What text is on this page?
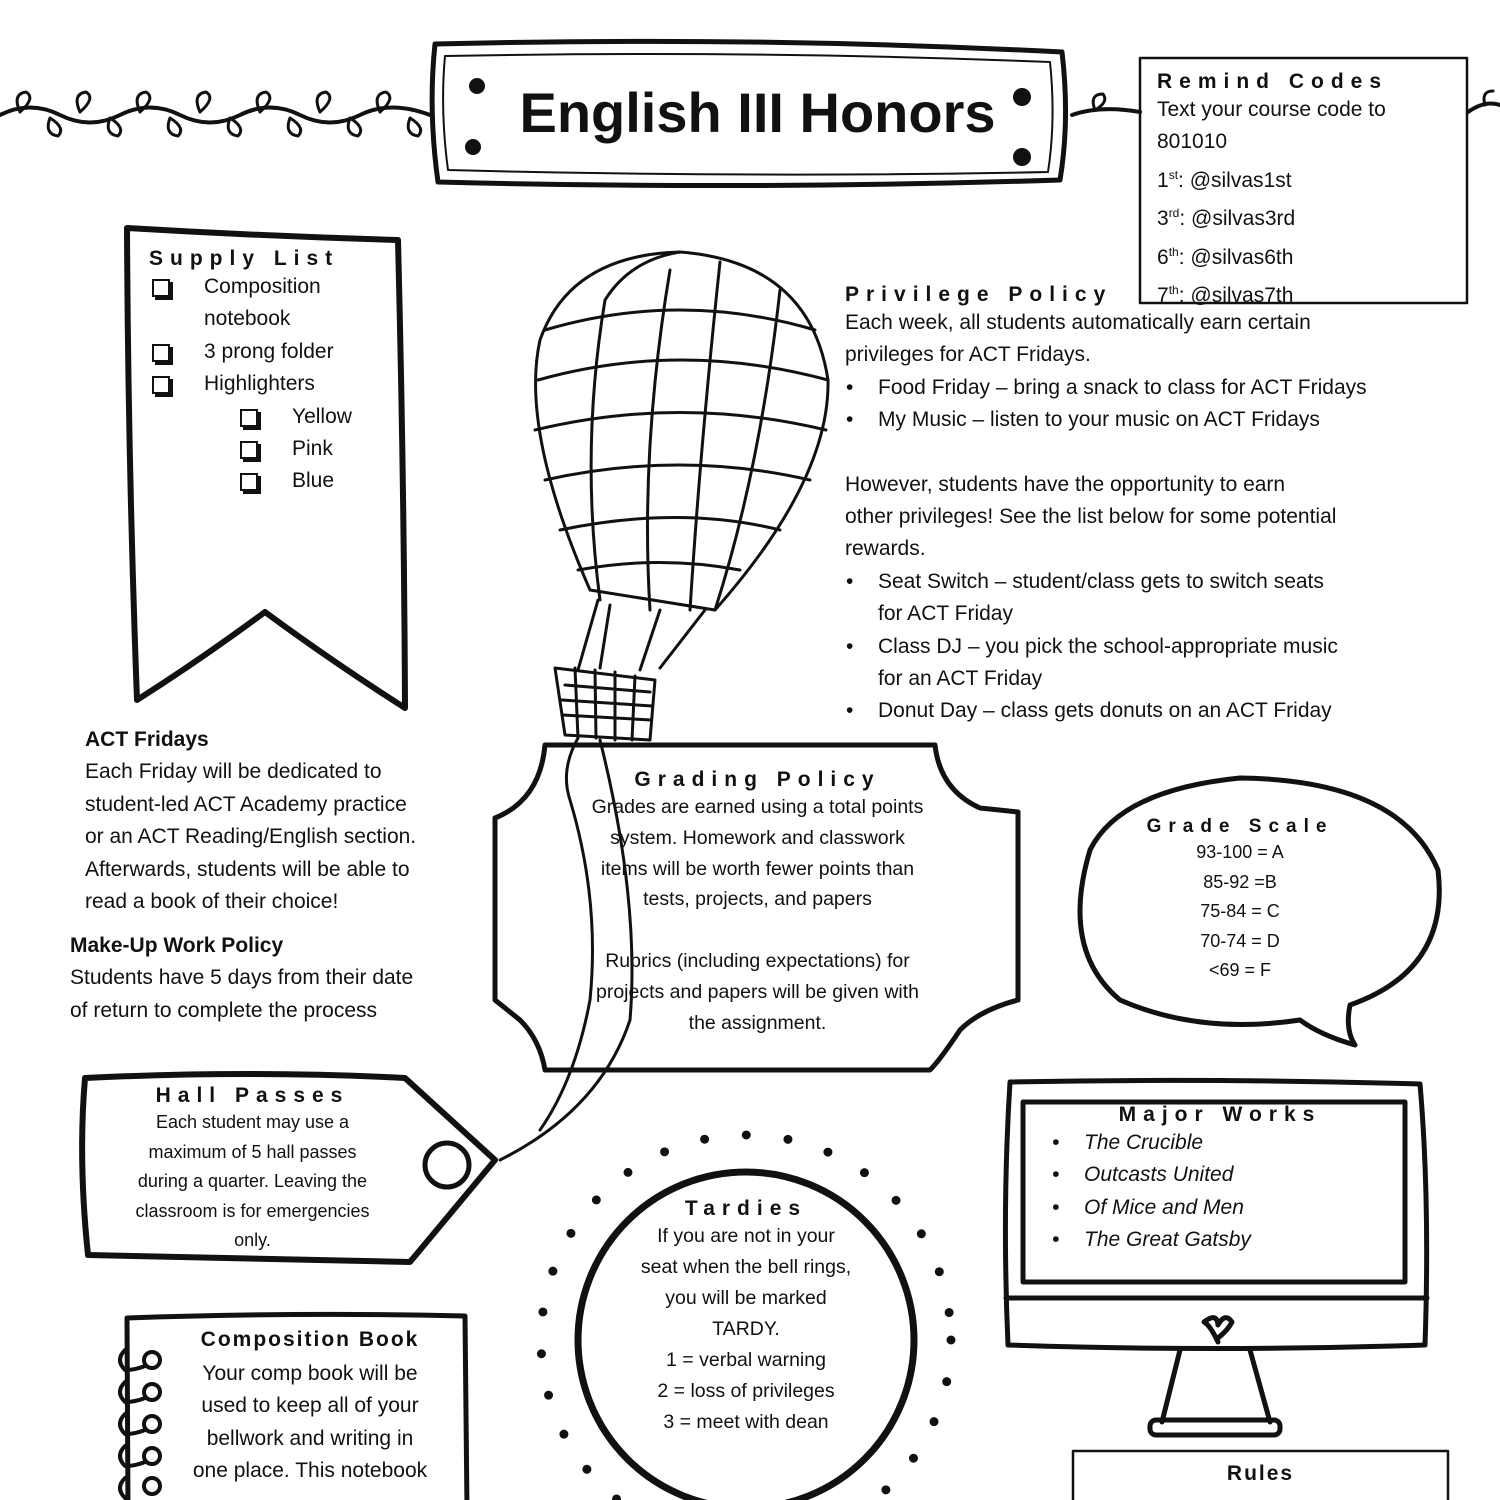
English III Honors	Remind Codes
Text your course code to
801010
1st: @silvas1st
3rd: @silvas3rd
6th: @silvas6th
7th: @silvas7th
Supply List
Composition
notebook
3 prong folder
Highlighters
Yellow
Pink
Blue
Privilege Policy
Each week, all students automatically earn certain
privileges for ACT Fridays.
• Food Friday – bring a snack to class for ACT Fridays
• My Music – listen to your music on ACT Fridays
However, students have the opportunity to earn
other privileges! See the list below for some potential
rewards.
• Seat Switch – student/class gets to switch seats
for ACT Friday
• Class DJ – you pick the school-appropriate music
for an ACT Friday
• Donut Day – class gets donuts on an ACT Friday
ACT Fridays
Each Friday will be dedicated to
student-led ACT Academy practice
or an ACT Reading/English section.
Afterwards, students will be able to
read a book of their choice!
Make-Up Work Policy
Students have 5 days from their date
of return to complete the process
Grading Policy
Grades are earned using a total points
system. Homework and classwork
items will be worth fewer points than
tests, projects, and papers

Rubrics (including expectations) for
projects and papers will be given with
the assignment.
Grade Scale
93-100 = A
85-92 =B
75-84 = C
70-74 = D
<69 = F
Hall Passes
Each student may use a
maximum of 5 hall passes
during a quarter. Leaving the
classroom is for emergencies
only.
Tardies
If you are not in your
seat when the bell rings,
you will be marked
TARDY.
1 = verbal warning
2 = loss of privileges
3 = meet with dean
Major Works
• The Crucible
• Outcasts United
• Of Mice and Men
• The Great Gatsby
Rules
Composition Book
Your comp book will be
used to keep all of your
bellwork and writing in
one place. This notebook
